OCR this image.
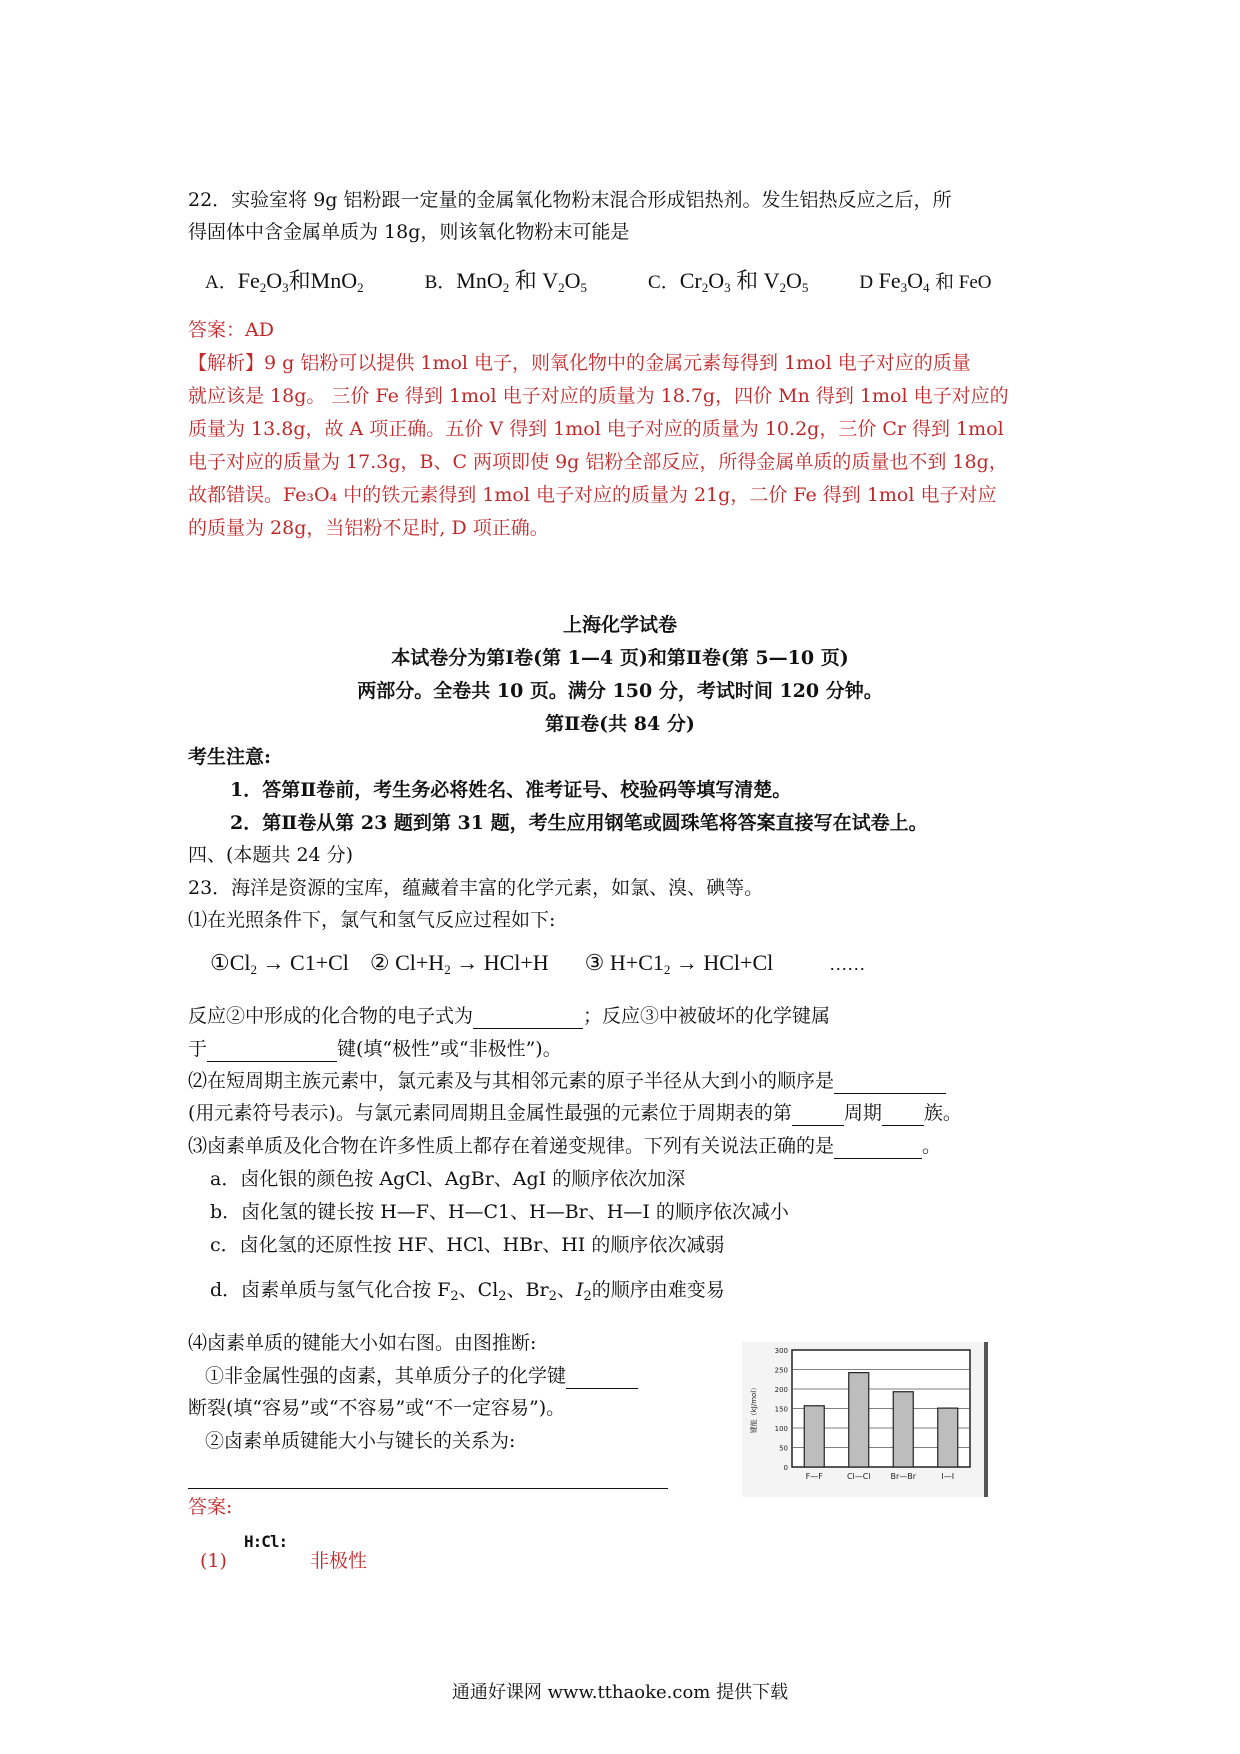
22．实验室将 9g 铝粉跟一定量的金属氧化物粉末混合形成铝热剂。发生铝热反应之后，所
得固体中含金属单质为 18g，则该氧化物粉末可能是
A．$Fe_2O_3$和MnO$_2$	B．MnO$_2$ 和 $V_2O_5$	C．$Cr_2O_3$ 和 $V_2O_5$	D $Fe_3O_4$ 和 FeO
答案：AD
【解析】9 g 铝粉可以提供 1mol 电子，则氧化物中的金属元素每得到 1mol 电子对应的质量
就应该是 18g。 三价 Fe 得到 1mol 电子对应的质量为 18.7g，四价 Mn 得到 1mol 电子对应的
质量为 13.8g，故 A 项正确。五价 V 得到 1mol 电子对应的质量为 10.2g，三价 Cr 得到 1mol
电子对应的质量为 17.3g，B、C 两项即使 9g 铝粉全部反应，所得金属单质的质量也不到 18g，
故都错误。Fe₃O₄ 中的铁元素得到 1mol 电子对应的质量为 21g，二价 Fe 得到 1mol 电子对应
的质量为 28g，当铝粉不足时, D 项正确。
上海化学试卷
本试卷分为第Ⅰ卷(第 1—4 页)和第Ⅱ卷(第 5—10 页)
两部分。全卷共 10 页。满分 150 分，考试时间 120 分钟。
第Ⅱ卷(共 84 分)
考生注意:
1．答第Ⅱ卷前，考生务必将姓名、准考证号、校验码等填写清楚。
2．第Ⅱ卷从第 23 题到第 31 题，考生应用钢笔或圆珠笔将答案直接写在试卷上。
四、(本题共 24 分)
23．海洋是资源的宝库，蕴藏着丰富的化学元素，如氯、溴、碘等。
⑴在光照条件下，氯气和氢气反应过程如下:
$①Cl_2 \to C1+Cl$ ② $Cl+H_2 \to HCl+H$ ③ $H+C1_2 \to HCl+Cl$	……
反应②中形成的化合物的电子式为	；反应③中被破坏的化学键属
于	键(填“极性”或“非极性”)。
⑵在短周期主族元素中，氯元素及与其相邻元素的原子半径从大到小的顺序是
(用元素符号表示)。与氯元素同周期且金属性最强的元素位于周期表的第	周期 族。
⑶卤素单质及化合物在许多性质上都存在着递变规律。下列有关说法正确的是	。
a．卤化银的颜色按 AgCl、AgBr、AgI 的顺序依次加深
b．卤化氢的键长按 H—F、H—C1、H—Br、H—I 的顺序依次减小
c．卤化氢的还原性按 HF、HCl、HBr、HI 的顺序依次减弱
d．卤素单质与氢气化合按 $F_2$、$Cl_2$、$Br_2$、$I_2$的顺序由难变易
⑷卤素单质的键能大小如右图。由图推断:
①非金属性强的卤素，其单质分子的化学键
断裂(填“容易”或“不容易”或“不一定容易”)。
②卤素单质键能大小与键长的关系为:
0
50
100
150
200
250
300
键能（kJ/mol）
F—F	Cl—Cl Br—Br	I—I
答案:
(1)
H:Cl:
非极性
通通好课网 www.tthaoke.com 提供下载
